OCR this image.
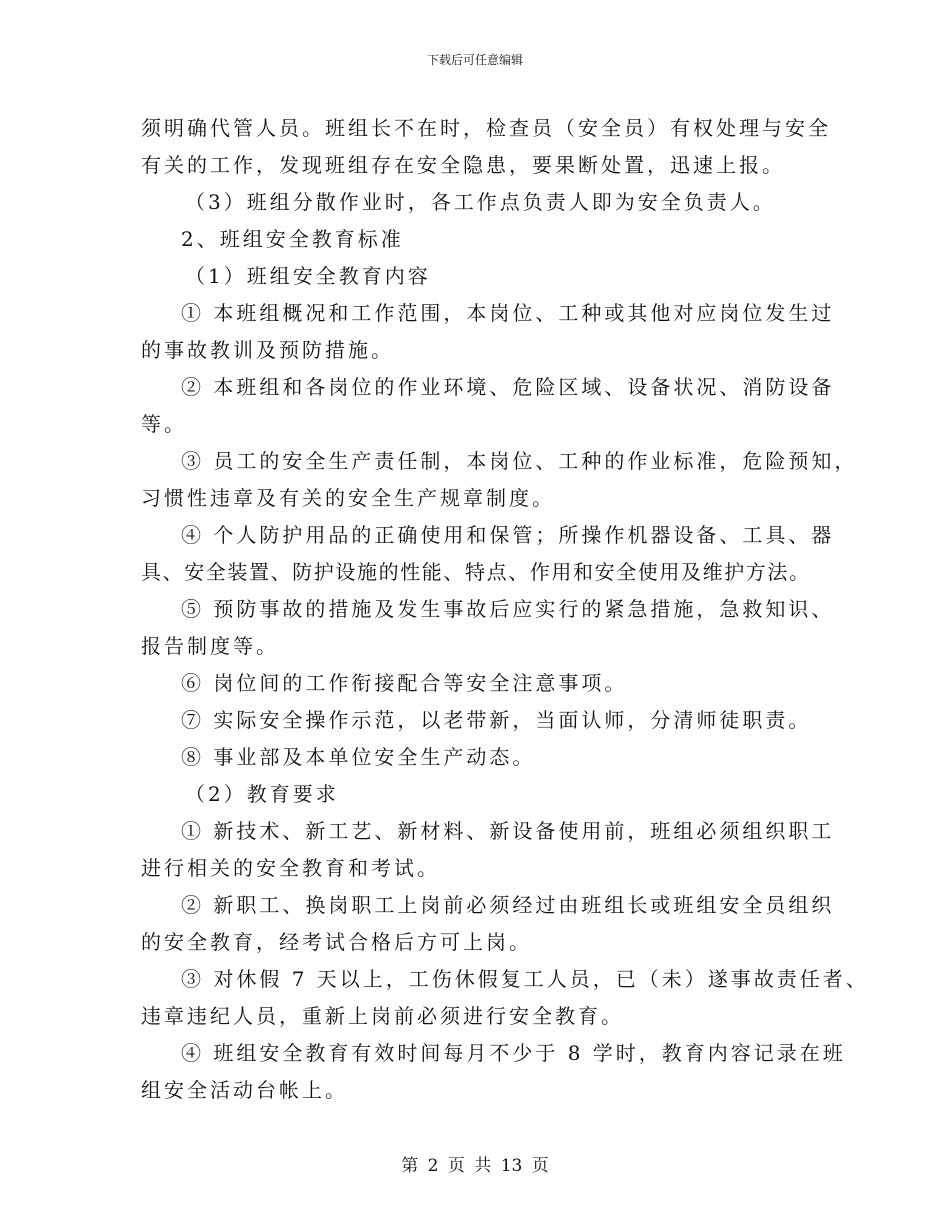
下载后可任意编辑
须明确代管人员。班组长不在时，检查员（安全员）有权处理与安全
有关的工作，发现班组存在安全隐患，要果断处置，迅速上报。
（3）班组分散作业时，各工作点负责人即为安全负责人。
2、班组安全教育标准
（1）班组安全教育内容
① 本班组概况和工作范围，本岗位、工种或其他对应岗位发生过
的事故教训及预防措施。
② 本班组和各岗位的作业环境、危险区域、设备状况、消防设备
等。
③ 员工的安全生产责任制，本岗位、工种的作业标准，危险预知，
习惯性违章及有关的安全生产规章制度。
④ 个人防护用品的正确使用和保管；所操作机器设备、工具、器
具、安全装置、防护设施的性能、特点、作用和安全使用及维护方法。
⑤ 预防事故的措施及发生事故后应实行的紧急措施，急救知识、
报告制度等。
⑥ 岗位间的工作衔接配合等安全注意事项。
⑦ 实际安全操作示范，以老带新，当面认师，分清师徒职责。
⑧ 事业部及本单位安全生产动态。
（2）教育要求
① 新技术、新工艺、新材料、新设备使用前，班组必须组织职工
进行相关的安全教育和考试。
② 新职工、换岗职工上岗前必须经过由班组长或班组安全员组织
的安全教育，经考试合格后方可上岗。
③ 对休假 7 天以上，工伤休假复工人员，已（未）遂事故责任者、
违章违纪人员，重新上岗前必须进行安全教育。
④ 班组安全教育有效时间每月不少于 8 学时，教育内容记录在班
组安全活动台帐上。
第 2 页 共 13 页
